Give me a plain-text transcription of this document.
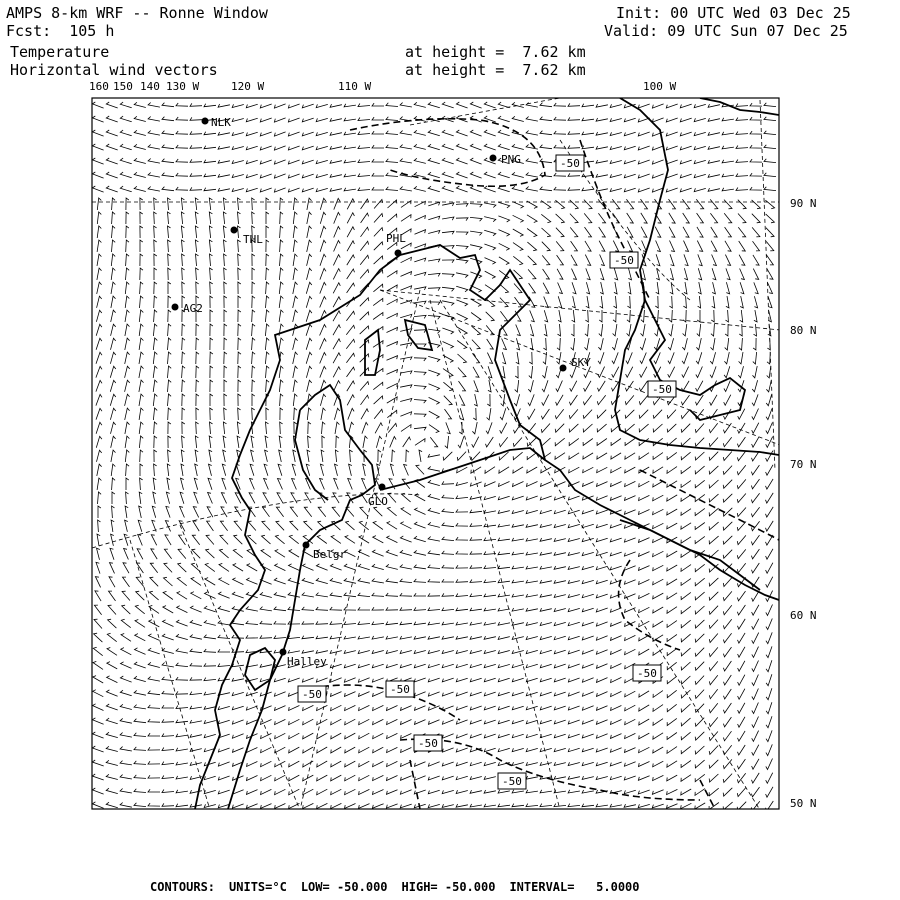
AMPS 8-km WRF -- Ronne Window
Fcst:  105 h
Init: 00 UTC Wed 03 Dec 25
Valid: 09 UTC Sun 07 Dec 25
Temperature	at height =  7.62 km
Horizontal wind vectors	at height =  7.62 km
160 150 140 130 W	120 W	110 W	100 W
90 N
80 N
70 N
60 N
50 N
NLK
PNG
THL	PHL
AG2
SKY
GLO
Belgr
Halley
-50
-50
-50
-50
-50	-50
-50
-50
CONTOURS: UNITS=°C LOW= -50.000 HIGH= -50.000 INTERVAL=   5.0000
